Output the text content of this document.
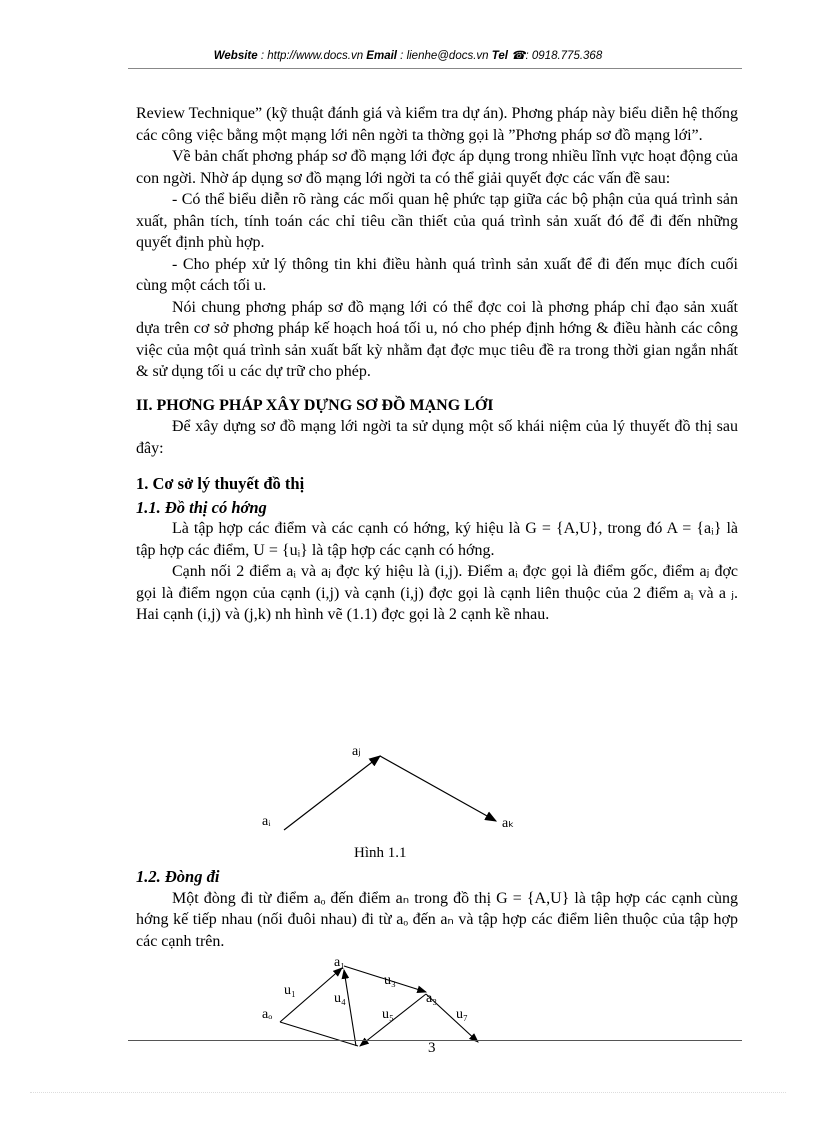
Website : http://www.docs.vn Email : lienhe@docs.vn Tel ☎: 0918.775.368

Review Technique” (kỹ thuật đánh giá và kiểm tra dự án). Phơng pháp này biểu diễn hệ thống các công việc bằng một mạng lới nên ngời ta thờng gọi là ”Phơng pháp sơ đồ mạng lới”.

Về bản chất phơng pháp sơ đồ mạng lới đợc áp dụng trong nhiều lĩnh vực hoạt động của con ngời. Nhờ áp dụng sơ đồ mạng lới ngời ta có thể giải quyết đợc các vấn đề sau:

- Có thể biểu diễn rõ ràng các mối quan hệ phức tạp giữa các bộ phận của quá trình sản xuất, phân tích, tính toán các chỉ tiêu cần thiết của quá trình sản xuất đó để đi đến những quyết định phù hợp.

- Cho phép xử lý thông tin khi điều hành quá trình sản xuất để đi đến mục đích cuối cùng một cách tối u.

Nói chung phơng pháp sơ đồ mạng lới có thể đợc coi là phơng pháp chỉ đạo sản xuất dựa trên cơ sở phơng pháp kế hoạch hoá tối u, nó cho phép định hớng & điều hành các công việc của một quá trình sản xuất bất kỳ nhằm đạt đợc mục tiêu đề ra trong thời gian ngắn nhất & sử dụng tối u các dự trữ cho phép.

II. PHƠNG PHÁP XÂY DỰNG SƠ ĐỒ MẠNG LỚI

Để xây dựng sơ đồ mạng lới ngời ta sử dụng một số khái niệm của lý thuyết đồ thị sau đây:

1. Cơ sở lý thuyết đồ thị
1.1. Đồ thị có hớng

Là tập hợp các điểm và các cạnh có hớng, ký hiệu là G = {A,U}, trong đó A = {aᵢ} là tập hợp các điểm, U = {uᵢ} là tập hợp các cạnh có hớng.

Cạnh nối 2 điểm aᵢ và aⱼ đợc ký hiệu là (i,j). Điểm aᵢ đợc gọi là điểm gốc, điểm aⱼ đợc gọi là điểm ngọn của cạnh (i,j) và cạnh (i,j) đợc gọi là cạnh liên thuộc của 2 điểm aᵢ và a ⱼ. Hai cạnh (i,j) và (j,k) nh hình vẽ (1.1) đợc gọi là 2 cạnh kề nhau.

aⱼ
aᵢ	aₖ
Hình 1.1
1.2. Đòng đi

Một đòng đi từ điểm aₒ đến điểm aₙ trong đồ thị G = {A,U} là tập hợp các cạnh cùng hớng kế tiếp nhau (nối đuôi nhau) đi từ aₒ đến aₙ và tập hợp các điểm liên thuộc của tập hợp các cạnh trên.

a₁
u₁
u₄
u₃
a₃
aₒ	u₅	u₇
3
